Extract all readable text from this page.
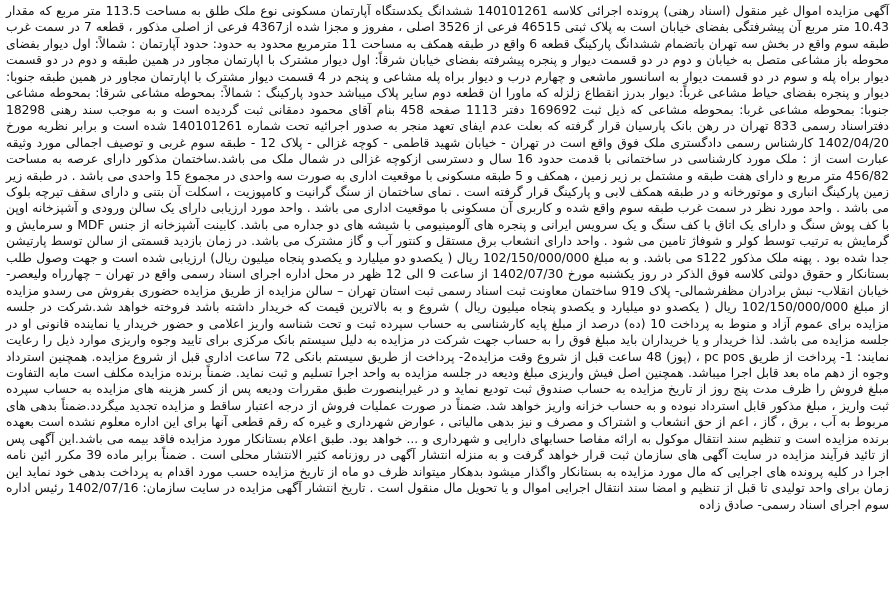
آگهی مزایده اموال غیر منقول (اسناد رهنی) پرونده اجرائی کلاسه 140101261 ششدانگ یکدستگاه آپارتمان مسکونی نوع ملک طلق به مساحت 113.5 متر مربع که مقدار 10.43 متر مربع آن پیشرفتگی بفضای خیابان است به پلاک ثبتی 46515 فرعی از 3526 اصلی ، مفروز و مجزا شده از4367 فرعی از اصلی مذکور ، قطعه 7 در سمت غرب طبقه سوم واقع در بخش سه تهران باتضمام ششدانگ پارکینگ قطعه 6 واقع در طبقه همکف به مساحت 11 مترمربع محدود به حدود: حدود آپارتمان : شمالاً: اول دیوار بفضای محوطه باز مشاعی متصل به خیابان و دوم در دو قسمت دیوار و پنجره پیشرفته بفضای خیابان شرقاً: اول دیوار مشترک با اپارتمان مجاور در همین طبقه و دوم در دو قسمت دیوار براه پله و سوم در دو قسمت دیوار به اسانسور ماشعی و چهارم درب و دیوار براه پله مشاعی و پنجم در 4 قسمت دیوار مشترک با اپارتمان مجاور در همین طبقه جنوبا: دیوار و پنجره بفضای حیاط مشاعی غرباً: دیوار بدرز انقطاع زلزله که ماورا ان قطعه دوم سایر پلاک میباشد حدود پارکینگ : شمالاً: بمحوطه مشاعی شرقا: بمحوطه مشاعی جنوبا: بمحوطه مشاعی غربا: بمحوطه مشاعی که ذیل ثبت 169692 دفتر 1113 صفحه 458 بنام آقای محمود دمقانی ثبت گردیده است و به موجب سند رهنی 18298 دفتراسناد رسمی 833 تهران در رهن بانک پارسیان قرار گرفته که بعلت عدم ایفای تعهد منجر به صدور اجرائیه تحت شماره 140101261 شده است و برابر نظریه مورخ 1402/04/20 کارشناس رسمی دادگستری ملک فوق واقع است در تهران - خیابان شهید قاطمی - کوچه غزالی - پلاک 12 - طبقه سوم غربی و توصیف اجمالی مورد وثیقه عبارت است از : ملک مورد کارشناسی در ساختمانی با قدمت حدود 16 سال و دسترسی ازکوچه غزالی در شمال ملک می باشد.ساختمان مذکور دارای عرصه به مساحت 456/82 متر مربع و دارای هفت طبقه و مشتمل بر زیر زمین ، همکف و 5 طبقه مسکونی با موقعیت اداری به صورت سه واحدی در مجموع 15 واحدی می باشد . در طبقه زیر زمین پارکینگ انباری و موتورخانه و در طبقه همکف لابی و پارکینگ قرار گرفته است . نمای ساختمان از سنگ گرانیت و کامپوزیت ، اسکلت آن بتنی و دارای سقف تیرچه بلوک می باشد . واحد مورد نظر در سمت غرب طبقه سوم واقع شده و کاربری آن مسکونی با موقعیت اداری می باشد . واحد مورد ارزیابی دارای یک سالن ورودی و آشپزخانه اوپن با کف پوش سنگ و دارای یک اتاق با کف سنگ و یک سرویس ایرانی و پنجره های آلومینیومی با شیشه های دو جداره می باشد. کابینت آشپزخانه از جنس MDF و سرمایش و گرمایش به ترتیب توسط کولر و شوفاژ تامین می شود . واحد دارای انشعاب برق مستقل و کنتور آب و گاز مشترک می باشد. در زمان بازدید قسمتی از سالن توسط پارتیشن جدا شده بود . پهنه ملک مذکور s122 می باشد. و به مبلغ 102/150/000/000 ریال ( یکصدو دو میلیارد و یکصدو پنجاه میلیون ریال) ارزیابی شده است و جهت وصول طلب بستانکار و حقوق دولتی کلاسه فوق الذکر در روز یکشنبه مورخ 1402/07/30 از ساعت 9 الی 12 ظهر در محل اداره اجرای اسناد رسمی واقع در تهران – چهارراه ولیعصر- خیابان انقلاب- نبش برادران مظفرشمالی- پلاک 919 ساختمان معاونت ثبت اسناد رسمی ثبت استان تهران – سالن مزایده از طریق مزایده حضوری بفروش می رسدو مزایده از مبلغ 102/150/000/000 ریال ( یکصدو دو میلیارد و یکصدو پنجاه میلیون ریال ) شروع و به بالاترین قیمت که خریدار داشته باشد فروخته خواهد شد.شرکت در جلسه مزایده برای عموم آزاد و منوط به پرداخت 10 (ده) درصد از مبلغ پایه کارشناسی به حساب سپرده ثبت و تحت شناسه واریز اعلامی و حضور خریدار یا نماینده قانونی او در جلسه مزایده می باشد. لذا خریدار و یا خریداران باید مبلغ فوق را به حساب جهت شرکت در مزایده به دلیل سیستم بانک مرکزی برای تایید وجوه واریزی موارد ذیل را رعایت نمایند: 1- پرداخت از طریق pc pos ، (پوز) 48 ساعت قبل از شروع وقت مزایده2- پرداخت از طریق سیستم بانکی 72 ساعت اداری قبل از شروع مزایده. همچنین استرداد وجوه از دهم ماه بعد قابل اجرا میباشد. همچنین اصل فیش واریزی مبلغ ودیعه در جلسه مزایده به واحد اجرا تسلیم و ثبت نماید. ضمناً برنده مزایده مکلف است مابه التفاوت مبلغ فروش را ظرف مدت پنج روز از تاریخ مزایده به حساب صندوق ثبت تودیع نماید و در غیراینصورت طبق مقررات ودیعه پس از کسر هزینه های مزایده به حساب سپرده ثبت واریز ، مبلغ مذکور قابل استرداد نبوده و به حساب خزانه واریز خواهد شد. ضمناً در صورت عملیات فروش از درجه اعتبار ساقط و مزایده تجدید میگردد.ضمناً بدهی های مربوط به آب ، برق ، گاز ، اعم از حق انشعاب و اشتراک و مصرف و نیز بدهی مالیاتی ، عوارض شهرداری و غیره که رقم قطعی آنها برای این اداره معلوم نشده است بعهده برنده مزایده است و تنظیم سند انتقال موکول به ارائه مفاصا حسابهای دارایی و شهرداری و ... خواهد بود. طبق اعلام بستانکار مورد مزایده فاقد بیمه می باشد.این آگهی پس از تائید فرآیند مزایده در سایت آگهی های سازمان ثبت قرار خواهد گرفت و به منزله انتشار آگهی در روزنامه کثیر الانتشار محلی است . ضمناً برابر ماده 39 مکرر ائین نامه اجرا در کلیه پرونده های اجرایی که مال مورد مزایده به بستانکار واگذار میشود بدهکار میتواند ظرف دو ماه از تاریخ مزایده حسب مورد اقدام به پرداخت بدهی خود نماید این زمان برای واحد تولیدی تا قبل از تنظیم و امضا سند انتقال اجرایی اموال و یا تحویل مال منقول است . تاریخ انتشار آگهی مزایده در سایت سازمان: 1402/07/16 رئیس اداره سوم اجرای اسناد رسمی- صادق زاده
